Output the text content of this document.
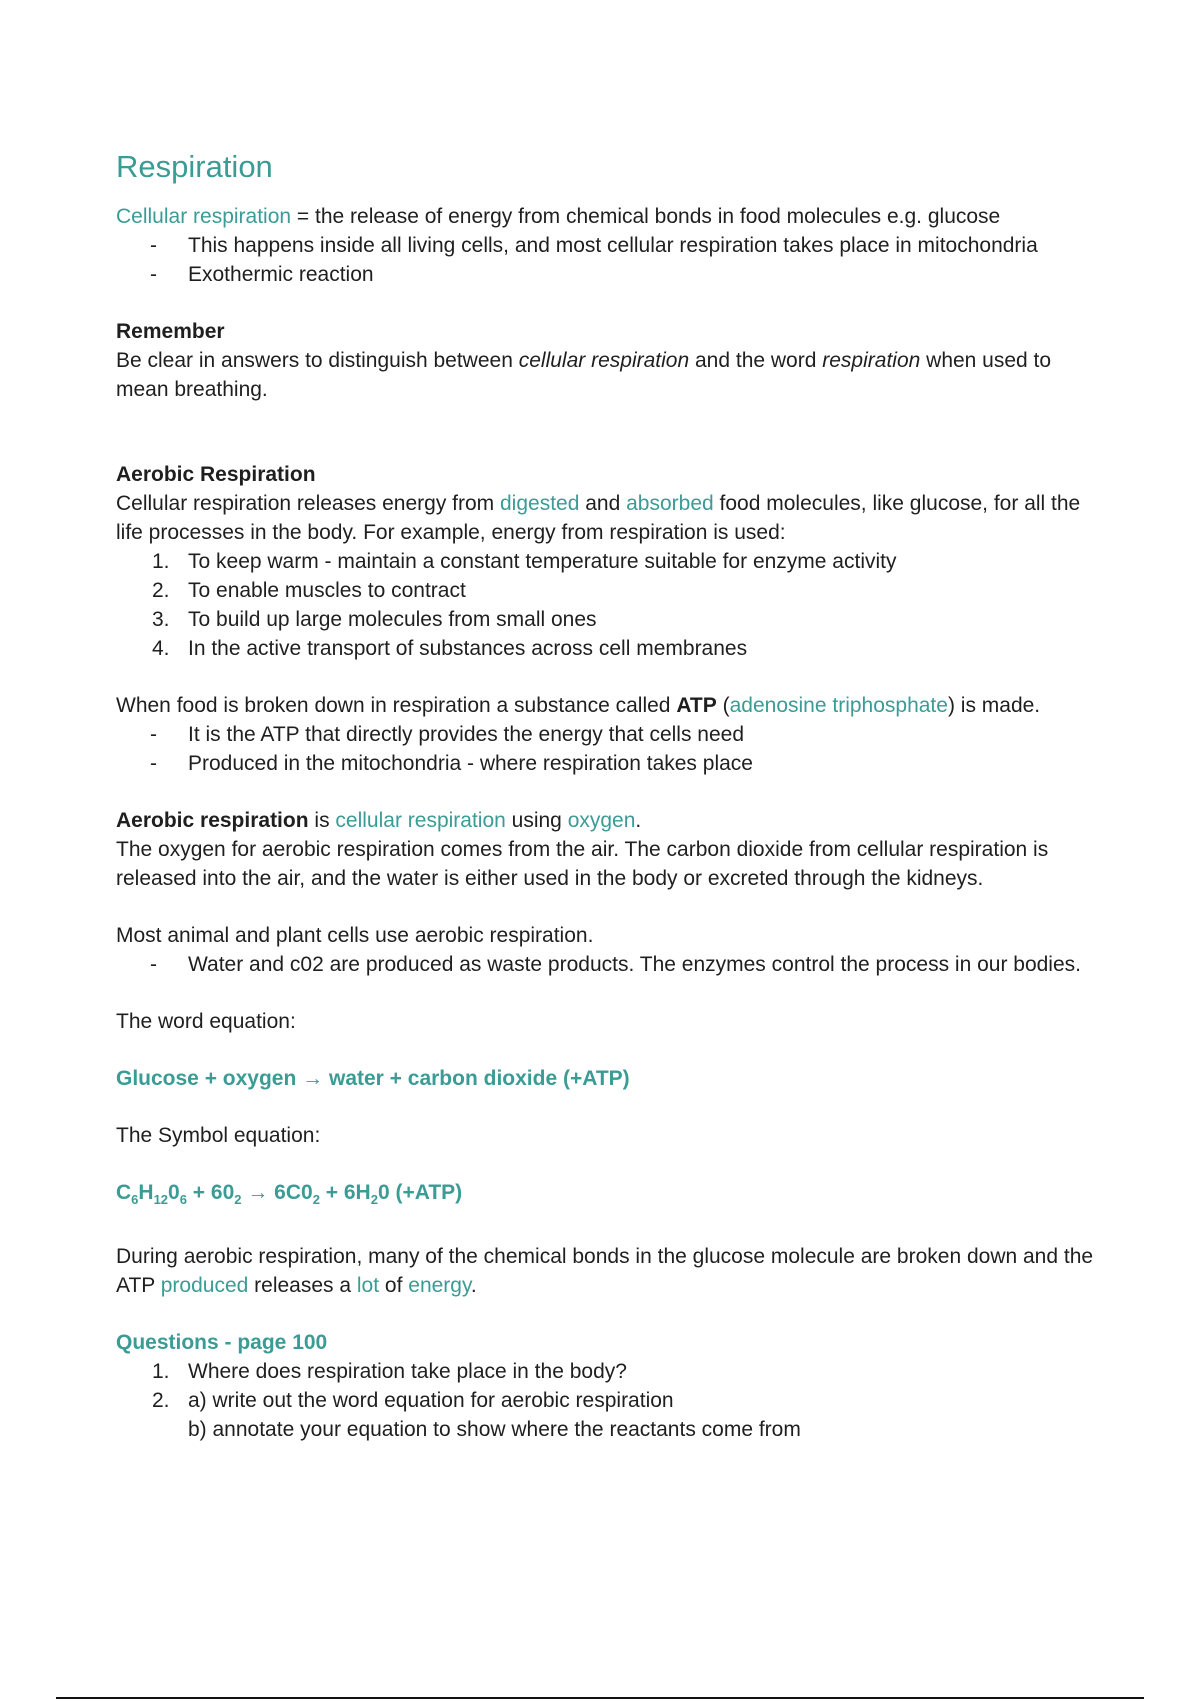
Respiration

Cellular respiration = the release of energy from chemical bonds in food molecules e.g. glucose

- This happens inside all living cells, and most cellular respiration takes place in mitochondria
- Exothermic reaction

Remember

Be clear in answers to distinguish between cellular respiration and the word respiration when used to mean breathing.

Aerobic Respiration

Cellular respiration releases energy from digested and absorbed food molecules, like glucose, for all the life processes in the body. For example, energy from respiration is used:

1. To keep warm - maintain a constant temperature suitable for enzyme activity
2. To enable muscles to contract
3. To build up large molecules from small ones
4. In the active transport of substances across cell membranes

When food is broken down in respiration a substance called ATP (adenosine triphosphate) is made.

- It is the ATP that directly provides the energy that cells need
- Produced in the mitochondria - where respiration takes place

Aerobic respiration is cellular respiration using oxygen.

The oxygen for aerobic respiration comes from the air. The carbon dioxide from cellular respiration is released into the air, and the water is either used in the body or excreted through the kidneys.

Most animal and plant cells use aerobic respiration.

- Water and c02 are produced as waste products. The enzymes control the process in our bodies.

The word equation:

Glucose + oxygen → water + carbon dioxide (+ATP)

The Symbol equation:

$C_6H_{12}0_6 + 60_2 \to 6C0_2 + 6H_20$ (+ATP)

During aerobic respiration, many of the chemical bonds in the glucose molecule are broken down and the ATP produced releases a lot of energy.

Questions - page 100

1. Where does respiration take place in the body?
2. a) write out the word equation for aerobic respiration
b) annotate your equation to show where the reactants come from
